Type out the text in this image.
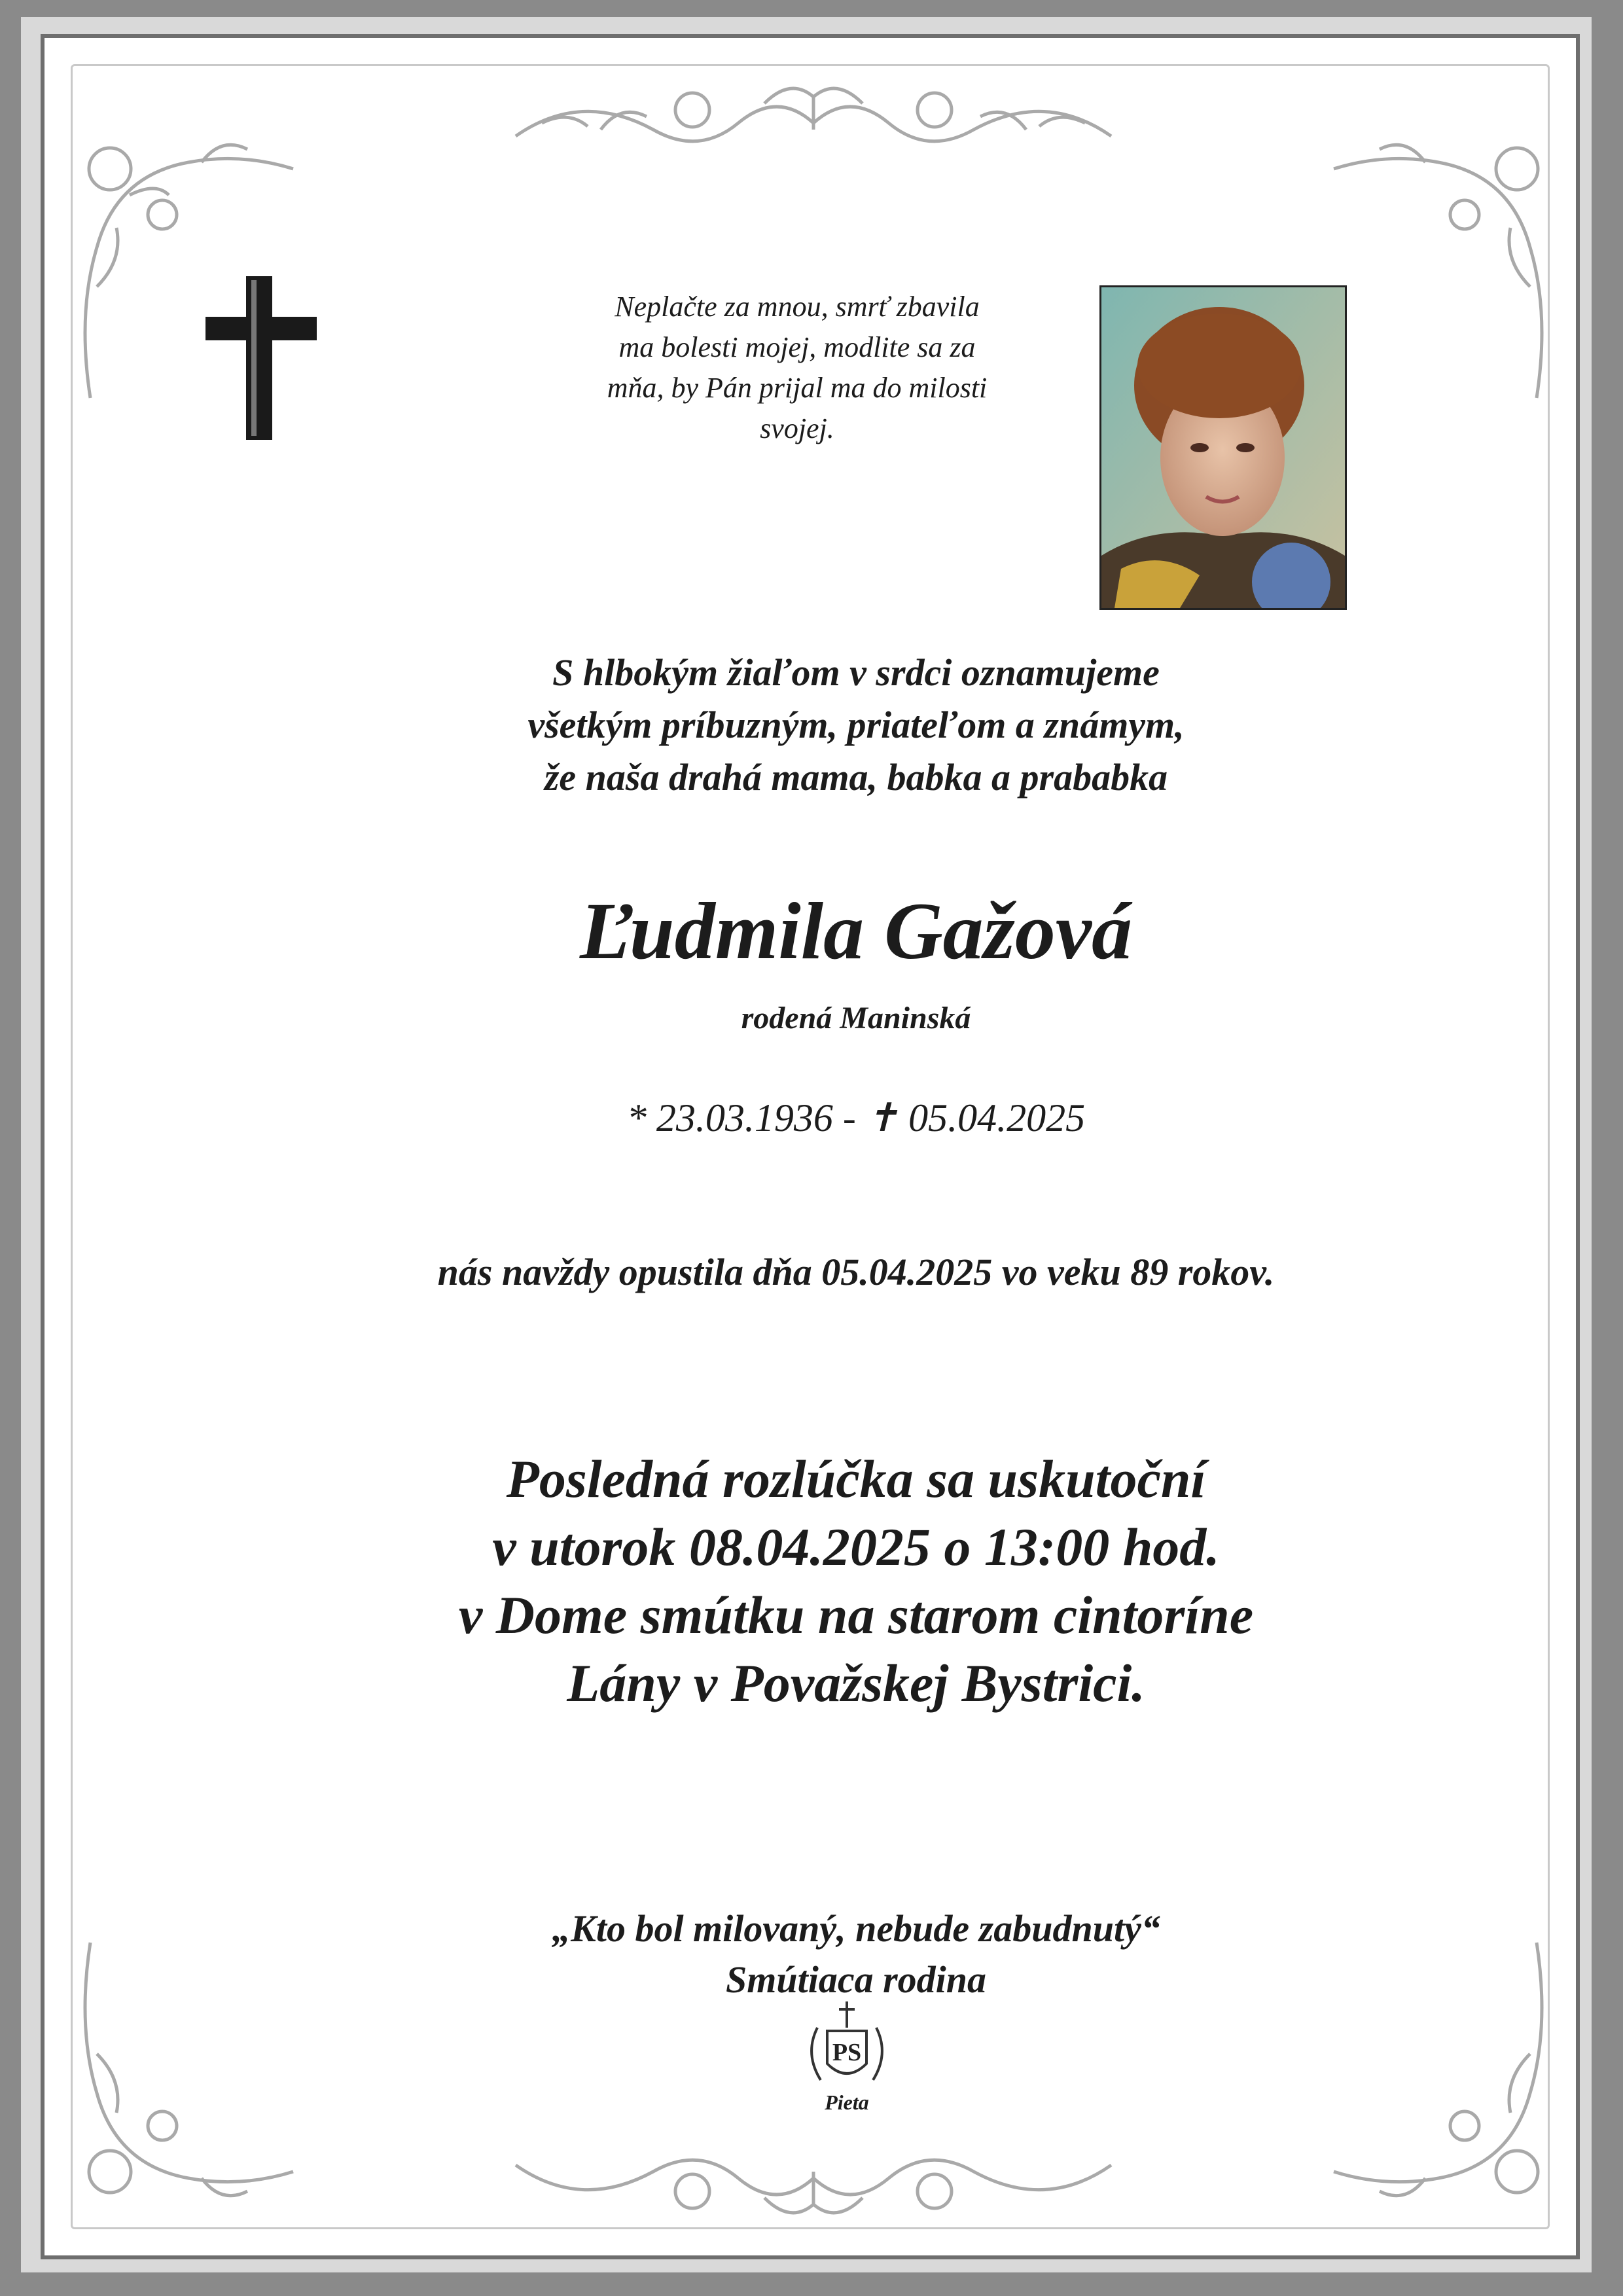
Neplačte za mnou, smrť zbavila
ma bolesti mojej, modlite sa za
mňa, by Pán prijal ma do milosti
svojej.
S hlbokým žiaľom v srdci oznamujeme
všetkým príbuzným, priateľom a známym,
že naša drahá mama, babka a prababka
Ľudmila Gažová
rodená Maninská
* 23.03.1936 - ✝ 05.04.2025
nás navždy opustila dňa 05.04.2025 vo veku 89 rokov.
Posledná rozlúčka sa uskutoční
v utorok 08.04.2025 o 13:00 hod.
v Dome smútku na starom cintoríne
Lány v Považskej Bystrici.
„Kto bol milovaný, nebude zabudnutý“
Smútiaca rodina
PS
Pieta
